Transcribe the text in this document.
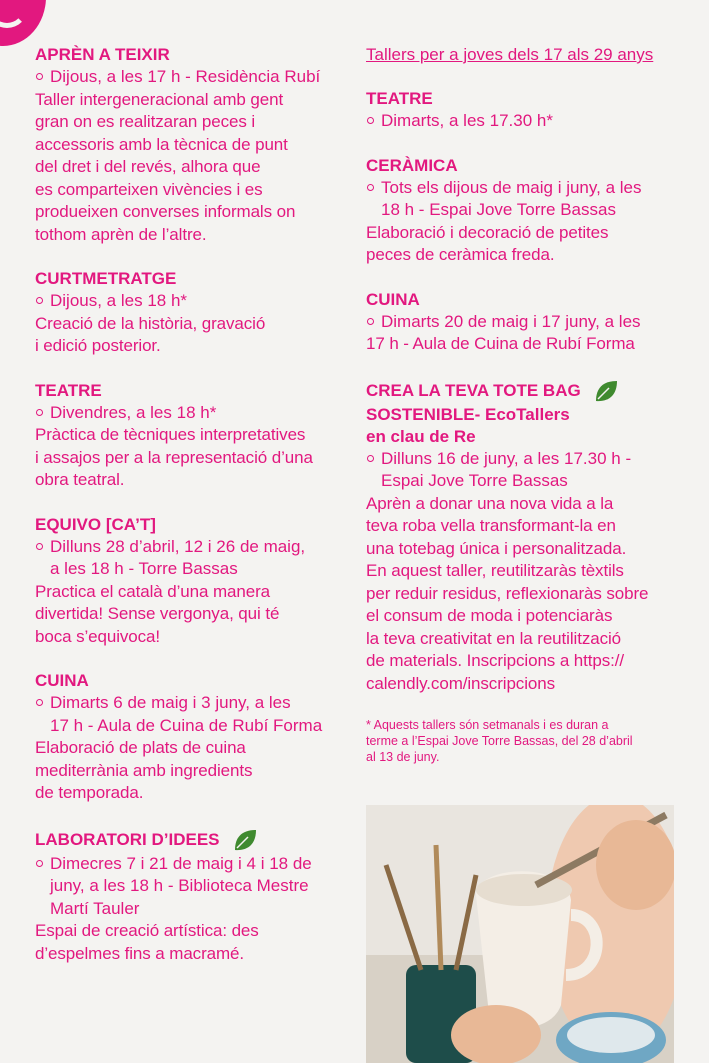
APRÈN A TEIXIR
Dijous, a les 17 h - Residència Rubí
Taller intergeneracional amb gent
gran on es realitzaran peces i
accessoris amb la tècnica de punt
del dret i del revés, alhora que
es comparteixen vivències i es
produeixen converses informals on
tothom aprèn de l’altre.
CURTMETRATGE
Dijous, a les 18 h*
Creació de la història, gravació
i edició posterior.
TEATRE
Divendres, a les 18 h*
Pràctica de tècniques interpretatives
i assajos per a la representació d’una
obra teatral.
EQUIVO [CA’T]
Dilluns 28 d’abril, 12 i 26 de maig,
a les 18 h - Torre Bassas
Practica el català d’una manera
divertida! Sense vergonya, qui té
boca s’equivoca!
CUINA
Dimarts 6 de maig i 3 juny, a les
17 h - Aula de Cuina de Rubí Forma
Elaboració de plats de cuina
mediterrània amb ingredients
de temporada.
LABORATORI D’IDEES
Dimecres 7 i 21 de maig i 4 i 18 de
juny, a les 18 h - Biblioteca Mestre
Martí Tauler
Espai de creació artística: des
d’espelmes fins a macramé.
Tallers per a joves dels 17 als 29 anys
TEATRE
Dimarts, a les 17.30 h*
CERÀMICA
Tots els dijous de maig i juny, a les
18 h - Espai Jove Torre Bassas
Elaboració i decoració de petites
peces de ceràmica freda.
CUINA
Dimarts 20 de maig i 17 juny, a les
17 h - Aula de Cuina de Rubí Forma
CREA LA TEVA TOTE BAG
SOSTENIBLE- EcoTallers
en clau de Re
Dilluns 16 de juny, a les 17.30 h -
Espai Jove Torre Bassas
Aprèn a donar una nova vida a la
teva roba vella transformant-la en
una totebag única i personalitzada.
En aquest taller, reutilitzaràs tèxtils
per reduir residus, reflexionaràs sobre
el consum de moda i potenciaràs
la teva creativitat en la reutilització
de materials. Inscripcions a https://
calendly.com/inscripcions
* Aquests tallers són setmanals i es duran a
terme a l’Espai Jove Torre Bassas, del 28 d’abril
al 13 de juny.
